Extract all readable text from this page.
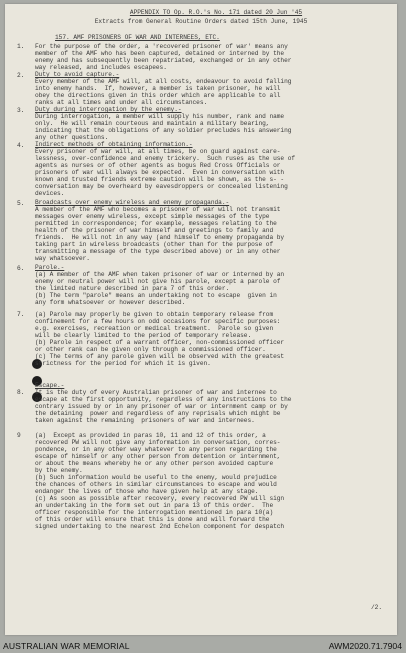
APPENDIX TO Op. R.O.'s No. 171 dated 20 Jun '45
Extracts from General Routine Orders dated 15th June, 1945
157. AMF PRISONERS OF WAR AND INTERNEES, ETC.
1.
2.
3.
4.
5.
6.
7.
8.
9
For the purpose of the order, a 'recovered prisoner of war' means any
member of the AMF who has been captured, detained or interned by the
enemy and has subsequently been repatriated, exchanged or in any other
way released, and includes escapees.
Duty to avoid capture.-
Every member of the AMF will, at all costs, endeavour to avoid falling
into enemy hands.  If, however, a member is taken prisoner, he will
obey the directions given in this order which are applicable to all
ranks at all times and under all circumstances.
Duty during interrogation by the enemy.-
During interrogation, a member will supply his number, rank and name
only.  He will remain courteous and maintain a military bearing,
indicating that the obligations of any soldier precludes his answering
any other questions.
Indirect methods of obtaining information.-
Every prisoner of war will, at all times, be on guard against care-
lessness, over-confidence and enemy trickery.  Such ruses as the use of
agents as nurses or of other agents as bogus Red Cross Officials or
prisoners of war will always be expected.  Even in conversation with
known and trusted friends extreme caution will be shown, as the s- -
conversation may be overheard by eavesdroppers or concealed listening
devices.
Broadcasts over enemy wireless and enemy propaganda.-
A member of the AMF who becomes a prisoner of war will not transmit
messages over enemy wireless, except simple messages of the type
permitted in correspondence; for example, messages relating to the
health of the prisoner of war himself and greetings to family and
friends.  He will not in any way (and himself to enemy propaganda by
taking part in wireless broadcasts (other than for the purpose of
transmitting a message of the type described above) or in any other
way whatsoever.
Parole.-
(a) A member of the AMF when taken prisoner of war or interned by an
enemy or neutral power will not give his parole, except a parole of
the limited nature described in para 7 of this order.
(b) The term "parole" means an undertaking not to escape  given in
any form whatsoever or however described.
(a) Parole may properly be given to obtain temporary release from
confinement for a few hours on odd occasions for specific purposes:
e.g. exercises, recreation or medical treatment.  Parole so given
will be clearly limited to the period of temporary release.
(b) Parole in respect of a warrant officer, non-commissioned officer
or other rank can be given only through a commissioned officer.
(c) The terms of any parole given will be observed with the greatest
strictness for the period for which it is given.
Escape.-
It is the duty of every Australian prisoner of war and internee to
escape at the first opportunity, regardless of any instructions to the
contrary issued by or in any prisoner of war or internment camp or by
the detaining  power and regardless of any reprisals which might be
taken against the remaining  prisoners of war and internees.
(a)  Except as provided in paras 10, 11 and 12 of this order, a
recovered PW will not give any information in conversation, corres-
pondence, or in any other way whatever to any person regarding the
escape of himself or any other person from detention or internment,
or about the means whereby he or any other person avoided capture
by the enemy.
(b) Such information would be useful to the enemy, would prejudice
the chances of others in similar circumstances to escape and would
endanger the lives of those who have given help at any stage.
(c) As soon as possible after recovery, every recovered PW will sign
an undertaking in the form set out in para 13 of this order.  The
officer responsible for the interrogation mentioned in para 10(a)
of this order will ensure that this is done and will forward the
signed undertaking to the nearest 2nd Echelon component for despatch
/2.
AUSTRALIAN WAR MEMORIAL	AWM2020.71.7904
